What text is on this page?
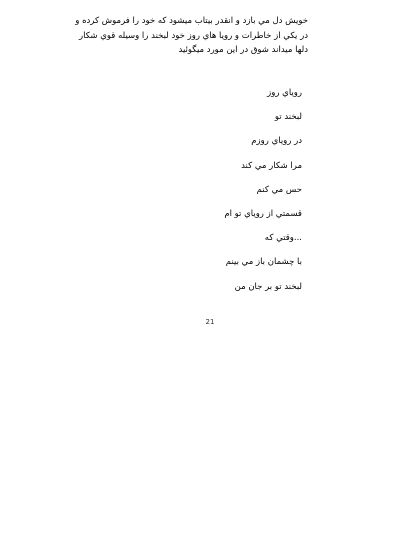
خويش دل مي بازد و انقدر بيتاب ميشود كه خود را فرموش كرده و
در يكي از خاطرات و رويا هاي روز خود لبخند را وسيله قوي شكار
دلها ميداند شوق در اين مورد ميگوئيد
روياي روز
لبخند تو
در روياي روزم
مرا شكار مي كند
حس مي كنم
قسمتي از روياي تو ام
...وقتي كه
با چشمان باز مي بينم
لبخند تو بر جان من
21
